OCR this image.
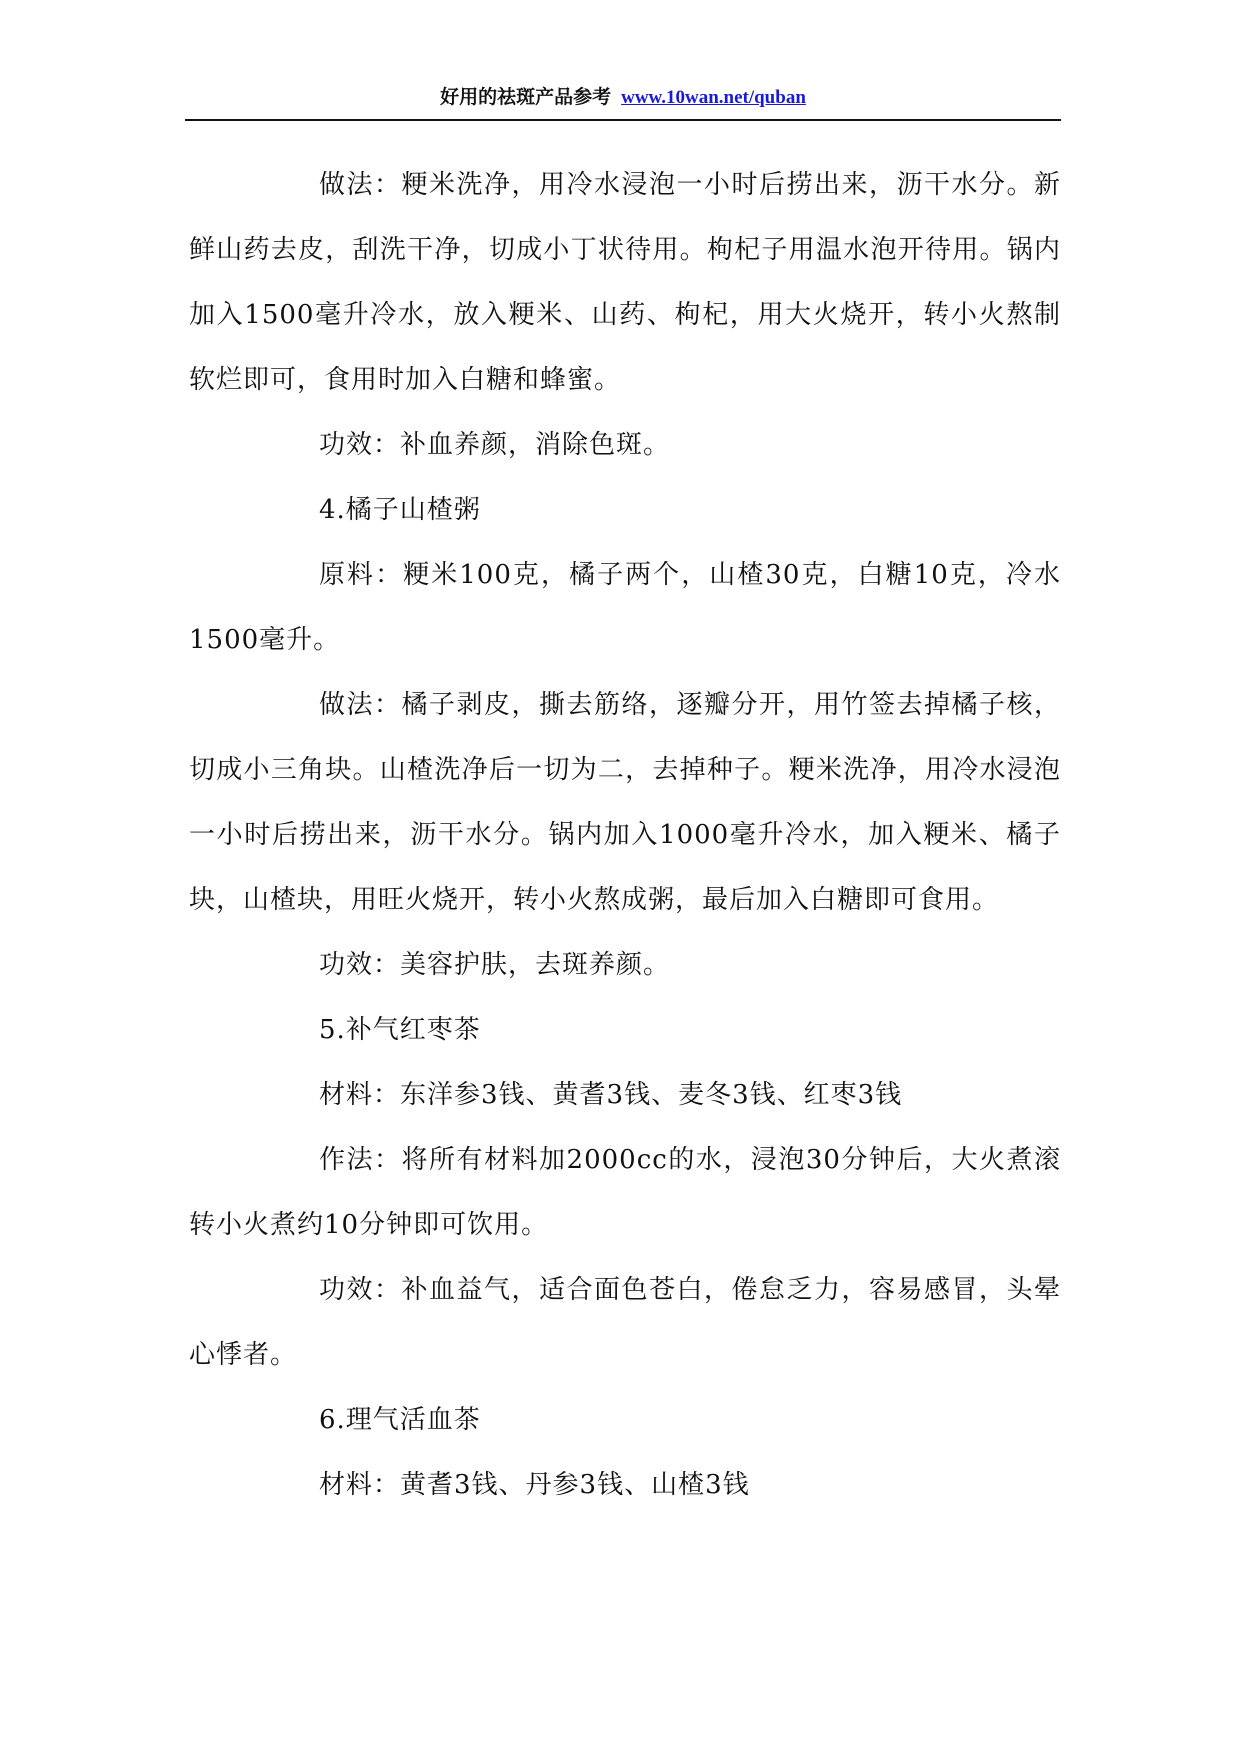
好用的祛斑产品参考 www.10wan.net/quban

做法：粳米洗净，用冷水浸泡一小时后捞出来，沥干水分。新鲜山药去皮，刮洗干净，切成小丁状待用。枸杞子用温水泡开待用。锅内加入1500毫升冷水，放入粳米、山药、枸杞，用大火烧开，转小火熬制软烂即可，食用时加入白糖和蜂蜜。

功效：补血养颜，消除色斑。

4.橘子山楂粥

原料：粳米100克，橘子两个，山楂30克，白糖10克，冷水1500毫升。

做法：橘子剥皮，撕去筋络，逐瓣分开，用竹签去掉橘子核，切成小三角块。山楂洗净后一切为二，去掉种子。粳米洗净，用冷水浸泡一小时后捞出来，沥干水分。锅内加入1000毫升冷水，加入粳米、橘子块，山楂块，用旺火烧开，转小火熬成粥，最后加入白糖即可食用。

功效：美容护肤，去斑养颜。

5.补气红枣茶

材料：东洋参3钱、黄耆3钱、麦冬3钱、红枣3钱

作法：将所有材料加2000cc的水，浸泡30分钟后，大火煮滚转小火煮约10分钟即可饮用。

功效：补血益气，适合面色苍白，倦怠乏力，容易感冒，头晕心悸者。

6.理气活血茶

材料：黄耆3钱、丹参3钱、山楂3钱
